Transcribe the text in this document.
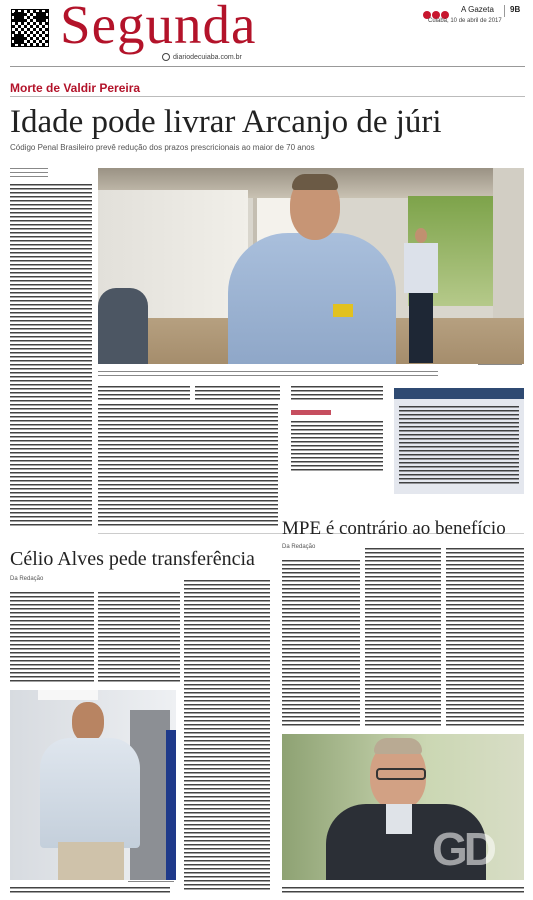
Segunda
diariodecuiaba.com.br
A Gazeta 9B
Cuiabá, 10 de abril de 2017
Morte de Valdir Pereira
Idade pode livrar Arcanjo de júri
Código Penal Brasileiro prevê redução dos prazos prescricionais ao maior de 70 anos
Célio Alves pede transferência
Da Redação
MPE é contrário ao benefício
Da Redação
GD
